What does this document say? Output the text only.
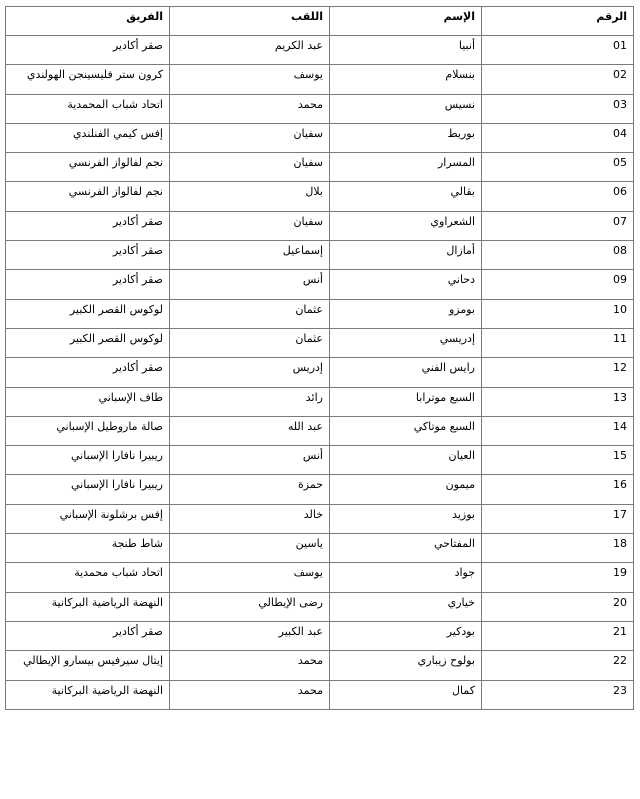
الرقم	الإسم	اللقب	الفريق
01	أنبيا	عبد الكريم	صقر أكادير
02	بنسلام	يوسف	كرون ستر فليسينجن الهولندي
03	نسيس	محمد	اتحاد شباب المحمدية
04	بوريط	سفيان	إفس كيمي الفنلندي
05	المسرار	سفيان	نجم لفالواز الفرنسي
06	بقالي	بلال	نجم لفالواز الفرنسي
07	الشعراوي	سفيان	صقر أكادير
08	أمازال	إسماعيل	صقر أكادير
09	دحاني	أنس	صقر أكادير
10	بومزو	عثمان	لوكوس القصر الكبير
11	إدريسي	عثمان	لوكوس القصر الكبير
12	رايس الفني	إدريس	صقر أكادير
13	السبع موترابا	رائد	طاف الإسباني
14	السبع موتاكي	عبد الله	صالة ماروطيل الإسباني
15	العيان	أنس	ريبيرا نافارا الإسباني
16	ميمون	حمزة	ريبيرا نافارا الإسباني
17	بوزيد	خالد	إفس برشلونة الإسباني
18	المفتاحي	ياسين	شاط طنجة
19	جواد	يوسف	اتحاد شباب محمدية
20	خياري	رضى الإيطالي	النهضة الرياضية البركانية
21	بودكير	عبد الكبير	صقر أكادير
22	بولوح زيباري	محمد	إيتال سيرفيس بيسارو الإيطالي
23	كمال	محمد	النهضة الرياضية البركانية
